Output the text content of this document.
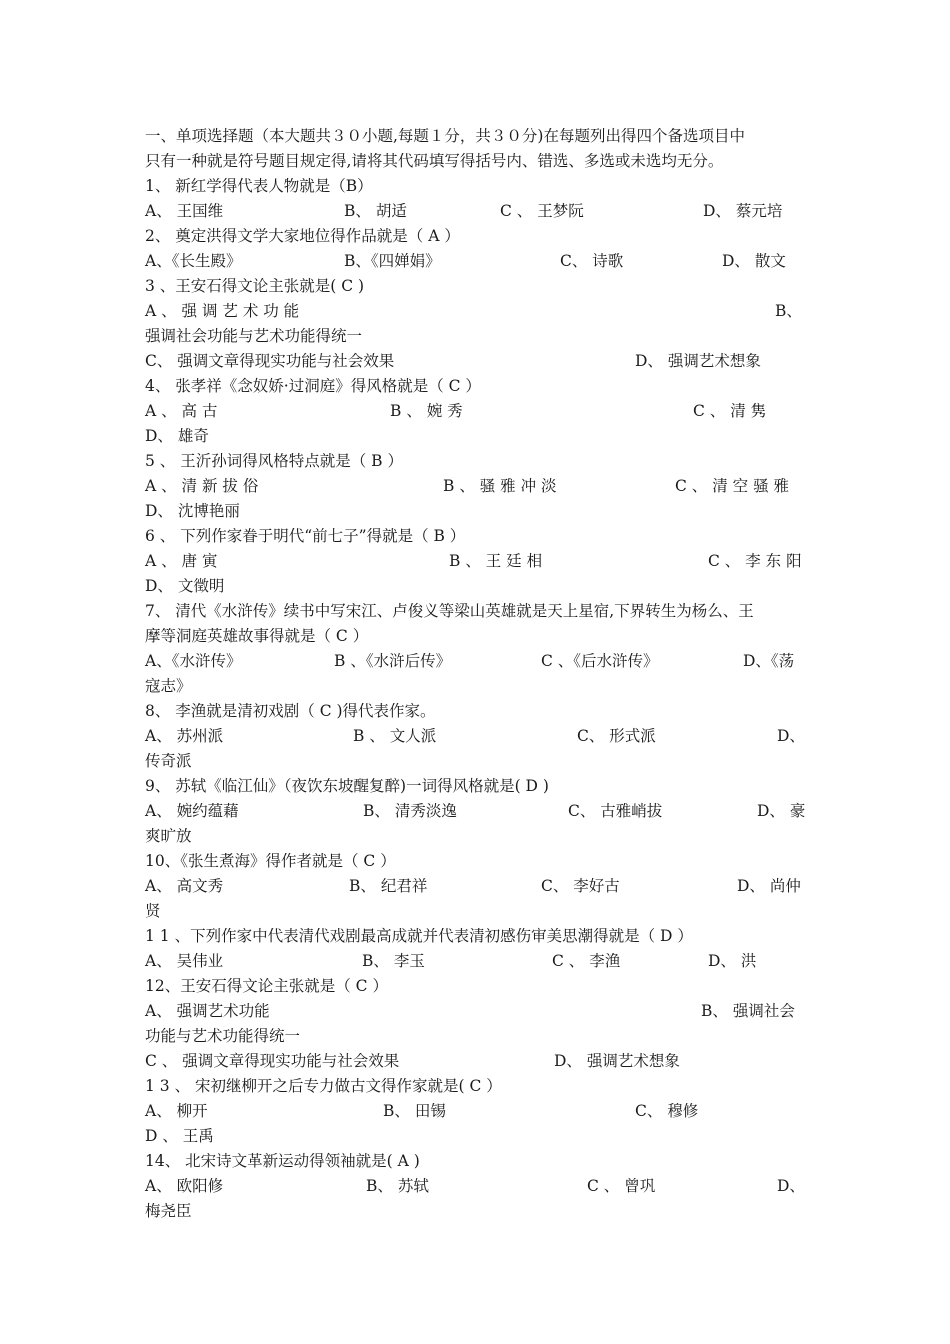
一、单项选择题（本大题共３０小题,每题１分，共３０分)在每题列出得四个备选项目中
只有一种就是符号题目规定得,请将其代码填写得括号内、错选、多选或未选均无分。
1、 新红学得代表人物就是（B）
A、 王国维	B、 胡适	C 、 王梦阮	D、 蔡元培
2、 奠定洪得文学大家地位得作品就是（ A ）
A、《长生殿》	B、《四婵娟》	C、 诗歌	D、 散文
3 、王安石得文论主张就是( C )
A 、 强 调 艺 术 功 能	B、
强调社会功能与艺术功能得统一
C、 强调文章得现实功能与社会效果	D、 强调艺术想象
4、 张孝祥《念奴娇·过洞庭》得风格就是（ C ）
A 、 高 古	B 、 婉 秀	C 、 清 隽
D、 雄奇
5 、 王沂孙词得风格特点就是（ B ）
A 、 清 新 拔 俗	B 、 骚 雅 冲 淡	C 、 清 空 骚 雅
D、 沈博艳丽
6 、 下列作家眷于明代“前七子”得就是（ B ）
A 、 唐 寅	B 、 王 廷 相	C 、 李 东 阳
D、 文徵明
7、 清代《水浒传》续书中写宋江、卢俊义等梁山英雄就是天上星宿,下界转生为杨么、王
摩等洞庭英雄故事得就是（ C ）
A、《水浒传》	B 、《水浒后传》	C 、《后水浒传》	D、《荡
寇志》
8、 李渔就是清初戏剧（ C )得代表作家。
A、 苏州派	B 、 文人派	C、 形式派	D、
传奇派
9、 苏轼《临江仙》（夜饮东坡醒复醉)一词得风格就是( D )
A、 婉约蕴藉	B、 清秀淡逸	C、 古雅峭拔	D、 豪
爽旷放
10、《张生煮海》得作者就是（ C ）
A、 高文秀	B、 纪君祥	C、 李好古	D、 尚仲
贤
1 1 、下列作家中代表清代戏剧最高成就并代表清初感伤审美思潮得就是（ D ）
A、 吴伟业	B、 李玉	C 、 李渔	D、 洪
12、王安石得文论主张就是（ C ）
A、 强调艺术功能	B、 强调社会
功能与艺术功能得统一
C 、 强调文章得现实功能与社会效果	D、 强调艺术想象
1 3 、 宋初继柳开之后专力做古文得作家就是( C ）
A、 柳开	B、 田锡	C、 穆修
D 、 王禹
14、 北宋诗文革新运动得领袖就是( A )
A、 欧阳修	B、 苏轼	C 、 曾巩	D、
梅尧臣
